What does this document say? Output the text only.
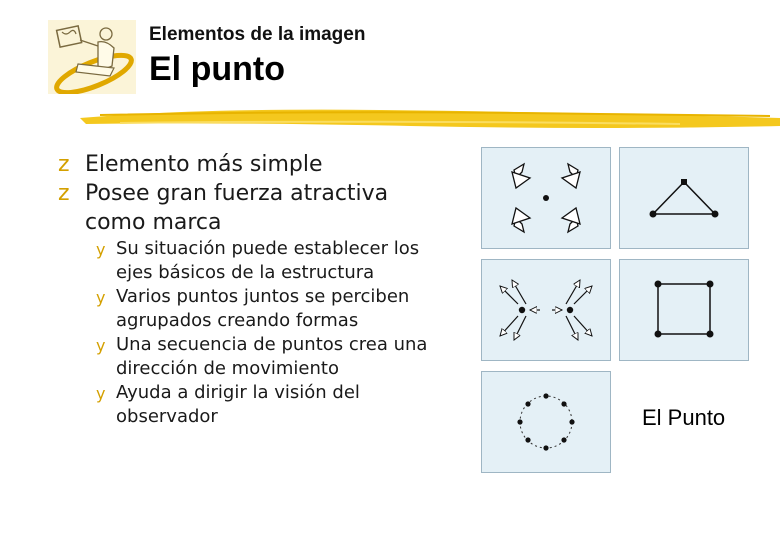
Elementos de la imagen
El punto

z Elemento más simple

z Posee gran fuerza atractiva

como marca

y Su situación puede establecer los

ejes básicos de la estructura

y Varios puntos juntos se perciben

agrupados creando formas

y Una secuencia de puntos crea una

dirección de movimiento

y Ayuda a dirigir la visión del

observador	El Punto
